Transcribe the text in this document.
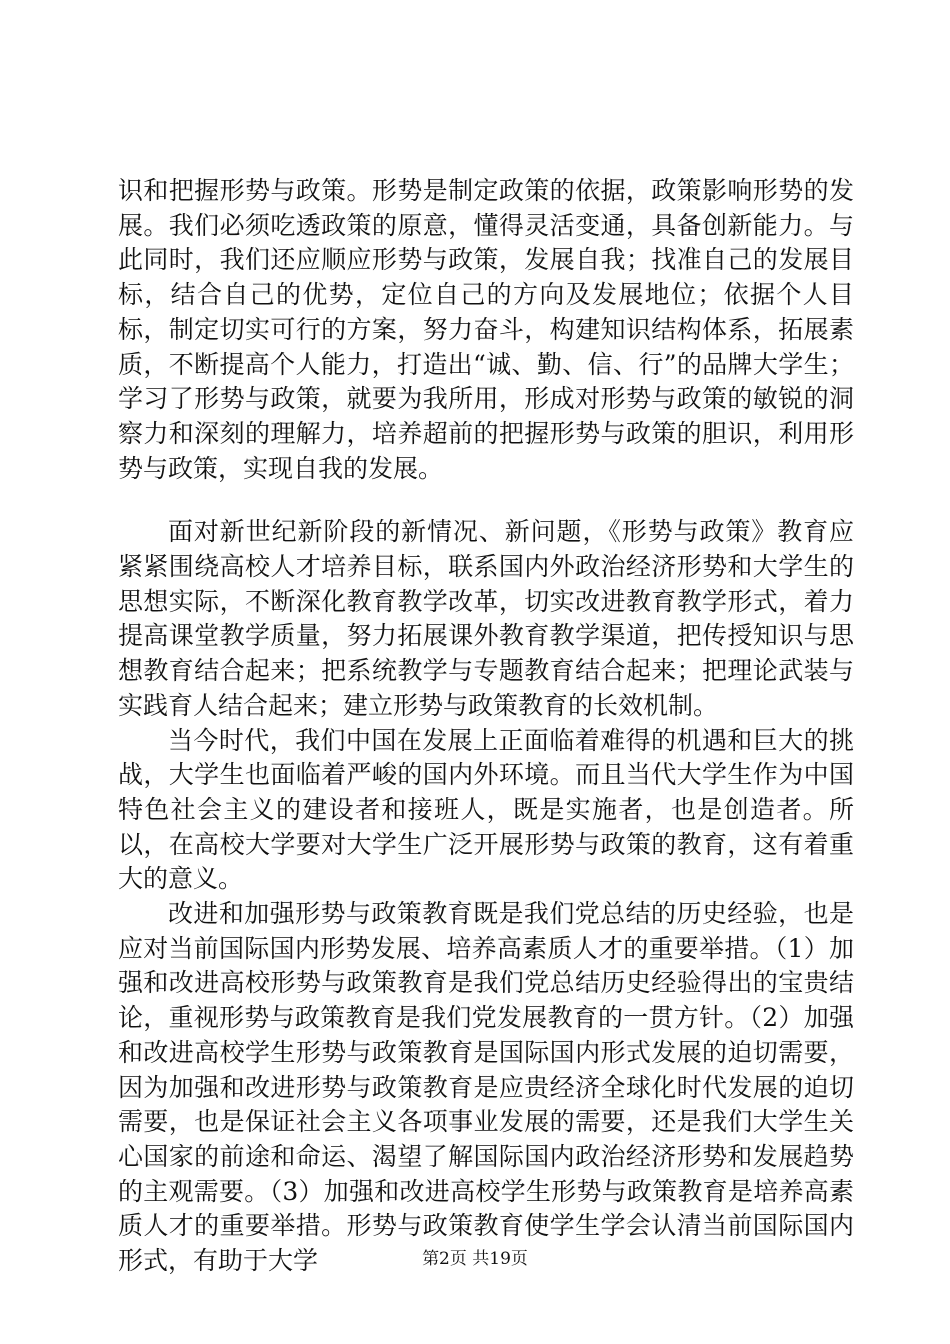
识和把握形势与政策。形势是制定政策的依据，政策影响形势的发展。我们必须吃透政策的原意，懂得灵活变通，具备创新能力。与此同时，我们还应顺应形势与政策，发展自我；找准自己的发展目标，结合自己的优势，定位自己的方向及发展地位；依据个人目标，制定切实可行的方案，努力奋斗，构建知识结构体系，拓展素质，不断提高个人能力，打造出“诚、勤、信、行”的品牌大学生；学习了形势与政策，就要为我所用，形成对形势与政策的敏锐的洞察力和深刻的理解力，培养超前的把握形势与政策的胆识，利用形势与政策，实现自我的发展。

面对新世纪新阶段的新情况、新问题，《形势与政策》教育应紧紧围绕高校人才培养目标，联系国内外政治经济形势和大学生的思想实际，不断深化教育教学改革，切实改进教育教学形式，着力提高课堂教学质量，努力拓展课外教育教学渠道，把传授知识与思想教育结合起来；把系统教学与专题教育结合起来；把理论武装与实践育人结合起来；建立形势与政策教育的长效机制。

当今时代，我们中国在发展上正面临着难得的机遇和巨大的挑战，大学生也面临着严峻的国内外环境。而且当代大学生作为中国特色社会主义的建设者和接班人，既是实施者，也是创造者。所以，在高校大学要对大学生广泛开展形势与政策的教育，这有着重大的意义。

改进和加强形势与政策教育既是我们党总结的历史经验，也是应对当前国际国内形势发展、培养高素质人才的重要举措。（1）加强和改进高校形势与政策教育是我们党总结历史经验得出的宝贵结论，重视形势与政策教育是我们党发展教育的一贯方针。（2）加强和改进高校学生形势与政策教育是国际国内形式发展的迫切需要，因为加强和改进形势与政策教育是应贵经济全球化时代发展的迫切需要，也是保证社会主义各项事业发展的需要，还是我们大学生关心国家的前途和命运、渴望了解国际国内政治经济形势和发展趋势的主观需要。（3）加强和改进高校学生形势与政策教育是培养高素质人才的重要举措。形势与政策教育使学生学会认清当前国际国内形式，有助于大学	第2页 共19页
